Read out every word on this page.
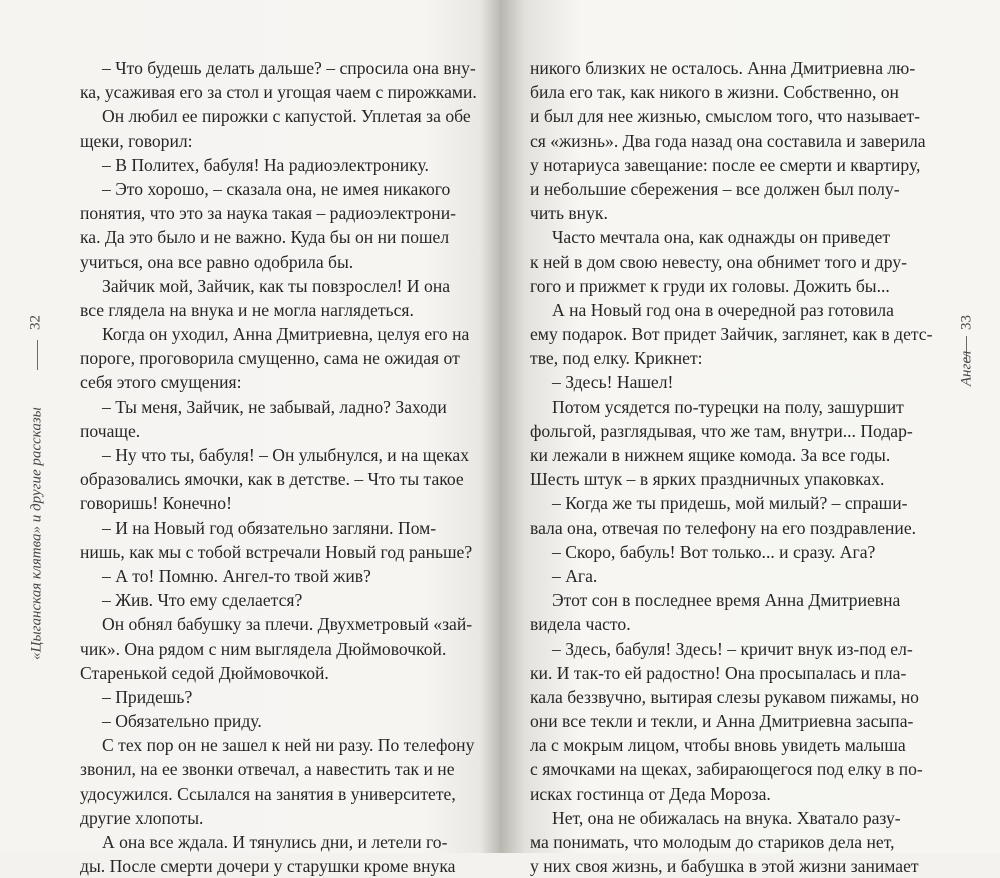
– Что будешь делать дальше? – спросила она вну-
ка, усаживая его за стол и угощая чаем с пирожками.
Он любил ее пирожки с капустой. Уплетая за обе
щеки, говорил:
– В Политех, бабуля! На радиоэлектронику.
– Это хорошо, – сказала она, не имея никакого
понятия, что это за наука такая – радиоэлектрони-
ка. Да это было и не важно. Куда бы он ни пошел
учиться, она все равно одобрила бы.
Зайчик мой, Зайчик, как ты повзрослел! И она
все глядела на внука и не могла наглядеться.
Когда он уходил, Анна Дмитриевна, целуя его на
пороге, проговорила смущенно, сама не ожидая от
себя этого смущения:
– Ты меня, Зайчик, не забывай, ладно? Заходи
почаще.
– Ну что ты, бабуля! – Он улыбнулся, и на щеках
образовались ямочки, как в детстве. – Что ты такое
говоришь! Конечно!
– И на Новый год обязательно загляни. Пом-
нишь, как мы с тобой встречали Новый год раньше?
– А то! Помню. Ангел-то твой жив?
– Жив. Что ему сделается?
Он обнял бабушку за плечи. Двухметровый «зай-
чик». Она рядом с ним выглядела Дюймовочкой.
Старенькой седой Дюймовочкой.
– Придешь?
– Обязательно приду.
С тех пор он не зашел к ней ни разу. По телефону
звонил, на ее звонки отвечал, а навестить так и не
удосужился. Ссылался на занятия в университете,
другие хлопоты.
А она все ждала. И тянулись дни, и летели го-
ды. После смерти дочери у старушки кроме внука
32
«Цыганская клятва» и другие рассказы
33
Ангел
никого близких не осталось. Анна Дмитриевна лю-
била его так, как никого в жизни. Собственно, он
и был для нее жизнью, смыслом того, что называет-
ся «жизнь». Два года назад она составила и заверила
у нотариуса завещание: после ее смерти и квартиру,
и небольшие сбережения – все должен был полу-
чить внук.
Часто мечтала она, как однажды он приведет
к ней в дом свою невесту, она обнимет того и дру-
гого и прижмет к груди их головы. Дожить бы...
А на Новый год она в очередной раз готовила
ему подарок. Вот придет Зайчик, заглянет, как в детс-
тве, под елку. Крикнет:
– Здесь! Нашел!
Потом усядется по-турецки на полу, зашуршит
фольгой, разглядывая, что же там, внутри... Подар-
ки лежали в нижнем ящике комода. За все годы.
Шесть штук – в ярких праздничных упаковках.
– Когда же ты придешь, мой милый? – спраши-
вала она, отвечая по телефону на его поздравление.
– Скоро, бабуль! Вот только... и сразу. Ага?
– Ага.
Этот сон в последнее время Анна Дмитриевна
видела часто.
– Здесь, бабуля! Здесь! – кричит внук из-под ел-
ки. И так-то ей радостно! Она просыпалась и пла-
кала беззвучно, вытирая слезы рукавом пижамы, но
они все текли и текли, и Анна Дмитриевна засыпа-
ла с мокрым лицом, чтобы вновь увидеть малыша
с ямочками на щеках, забирающегося под елку в по-
исках гостинца от Деда Мороза.
Нет, она не обижалась на внука. Хватало разу-
ма понимать, что молодым до стариков дела нет,
у них своя жизнь, и бабушка в этой жизни занимает
